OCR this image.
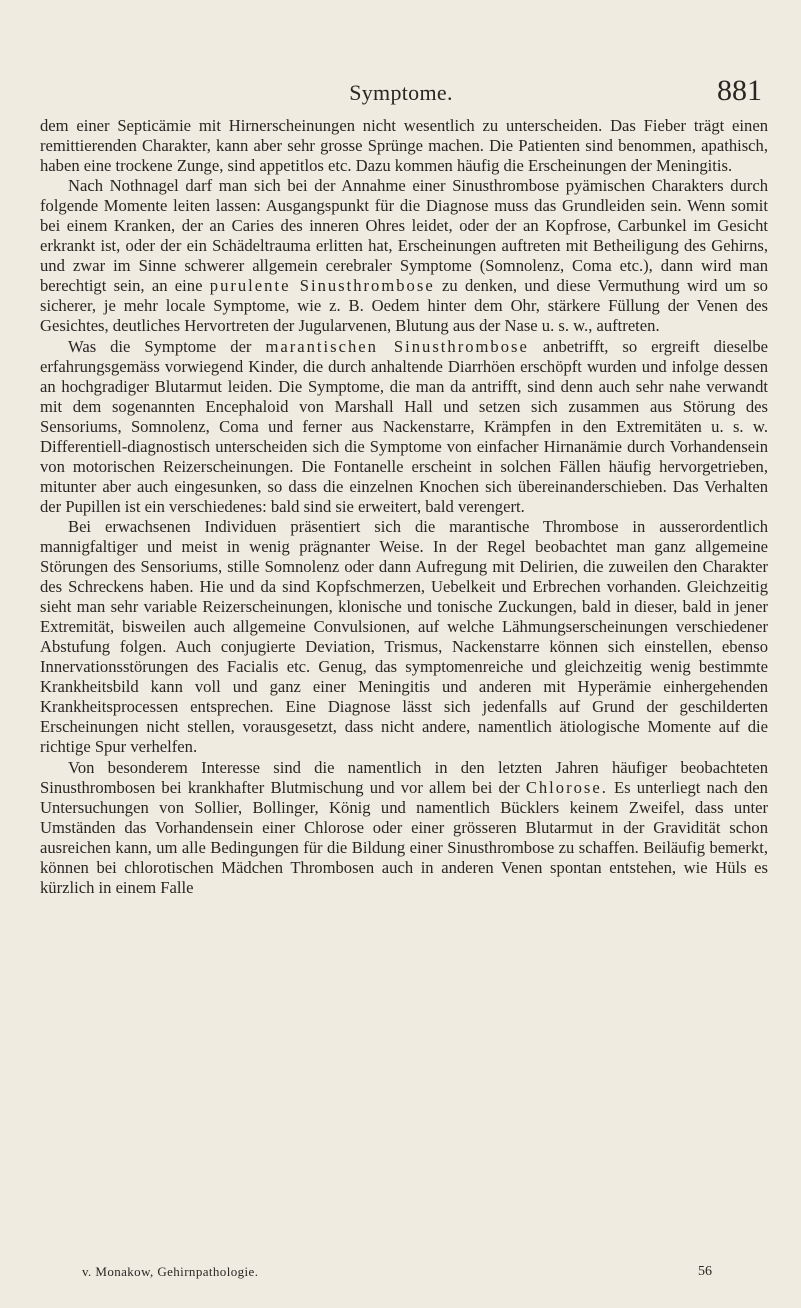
Symptome.	881

dem einer Septicämie mit Hirnerscheinungen nicht wesentlich zu unterscheiden. Das Fieber trägt einen remittierenden Charakter, kann aber sehr grosse Sprünge machen. Die Patienten sind benommen, apathisch, haben eine trockene Zunge, sind appetitlos etc. Dazu kommen häufig die Erscheinungen der Meningitis.

Nach Nothnagel darf man sich bei der Annahme einer Sinusthrombose pyämischen Charakters durch folgende Momente leiten lassen: Ausgangspunkt für die Diagnose muss das Grundleiden sein. Wenn somit bei einem Kranken, der an Caries des inneren Ohres leidet, oder der an Kopfrose, Carbunkel im Gesicht erkrankt ist, oder der ein Schädeltrauma erlitten hat, Erscheinungen auftreten mit Betheiligung des Gehirns, und zwar im Sinne schwerer allgemein cerebraler Symptome (Somnolenz, Coma etc.), dann wird man berechtigt sein, an eine purulente Sinusthrombose zu denken, und diese Vermuthung wird um so sicherer, je mehr locale Symptome, wie z. B. Oedem hinter dem Ohr, stärkere Füllung der Venen des Gesichtes, deutliches Hervortreten der Jugularvenen, Blutung aus der Nase u. s. w., auftreten.

Was die Symptome der marantischen Sinusthrombose anbetrifft, so ergreift dieselbe erfahrungsgemäss vorwiegend Kinder, die durch anhaltende Diarrhöen erschöpft wurden und infolge dessen an hochgradiger Blutarmut leiden. Die Symptome, die man da antrifft, sind denn auch sehr nahe verwandt mit dem sogenannten Encephaloid von Marshall Hall und setzen sich zusammen aus Störung des Sensoriums, Somnolenz, Coma und ferner aus Nackenstarre, Krämpfen in den Extremitäten u. s. w. Differentiell-diagnostisch unterscheiden sich die Symptome von einfacher Hirnanämie durch Vorhandensein von motorischen Reizerscheinungen. Die Fontanelle erscheint in solchen Fällen häufig hervorgetrieben, mitunter aber auch eingesunken, so dass die einzelnen Knochen sich übereinanderschieben. Das Verhalten der Pupillen ist ein verschiedenes: bald sind sie erweitert, bald verengert.

Bei erwachsenen Individuen präsentiert sich die marantische Thrombose in ausserordentlich mannigfaltiger und meist in wenig prägnanter Weise. In der Regel beobachtet man ganz allgemeine Störungen des Sensoriums, stille Somnolenz oder dann Aufregung mit Delirien, die zuweilen den Charakter des Schreckens haben. Hie und da sind Kopfschmerzen, Uebelkeit und Erbrechen vorhanden. Gleichzeitig sieht man sehr variable Reizerscheinungen, klonische und tonische Zuckungen, bald in dieser, bald in jener Extremität, bisweilen auch allgemeine Convulsionen, auf welche Lähmungserscheinungen verschiedener Abstufung folgen. Auch conjugierte Deviation, Trismus, Nackenstarre können sich einstellen, ebenso Innervationsstörungen des Facialis etc. Genug, das symptomenreiche und gleichzeitig wenig bestimmte Krankheitsbild kann voll und ganz einer Meningitis und anderen mit Hyperämie einhergehenden Krankheitsprocessen entsprechen. Eine Diagnose lässt sich jedenfalls auf Grund der geschilderten Erscheinungen nicht stellen, vorausgesetzt, dass nicht andere, namentlich ätiologische Momente auf die richtige Spur verhelfen.

Von besonderem Interesse sind die namentlich in den letzten Jahren häufiger beobachteten Sinusthrombosen bei krankhafter Blutmischung und vor allem bei der Chlorose. Es unterliegt nach den Untersuchungen von Sollier, Bollinger, König und namentlich Bücklers keinem Zweifel, dass unter Umständen das Vorhandensein einer Chlorose oder einer grösseren Blutarmut in der Gravidität schon ausreichen kann, um alle Bedingungen für die Bildung einer Sinusthrombose zu schaffen. Beiläufig bemerkt, können bei chlorotischen Mädchen Thrombosen auch in anderen Venen spontan entstehen, wie Hüls es kürzlich in einem Falle

v. Monakow, Gehirnpathologie.	56
